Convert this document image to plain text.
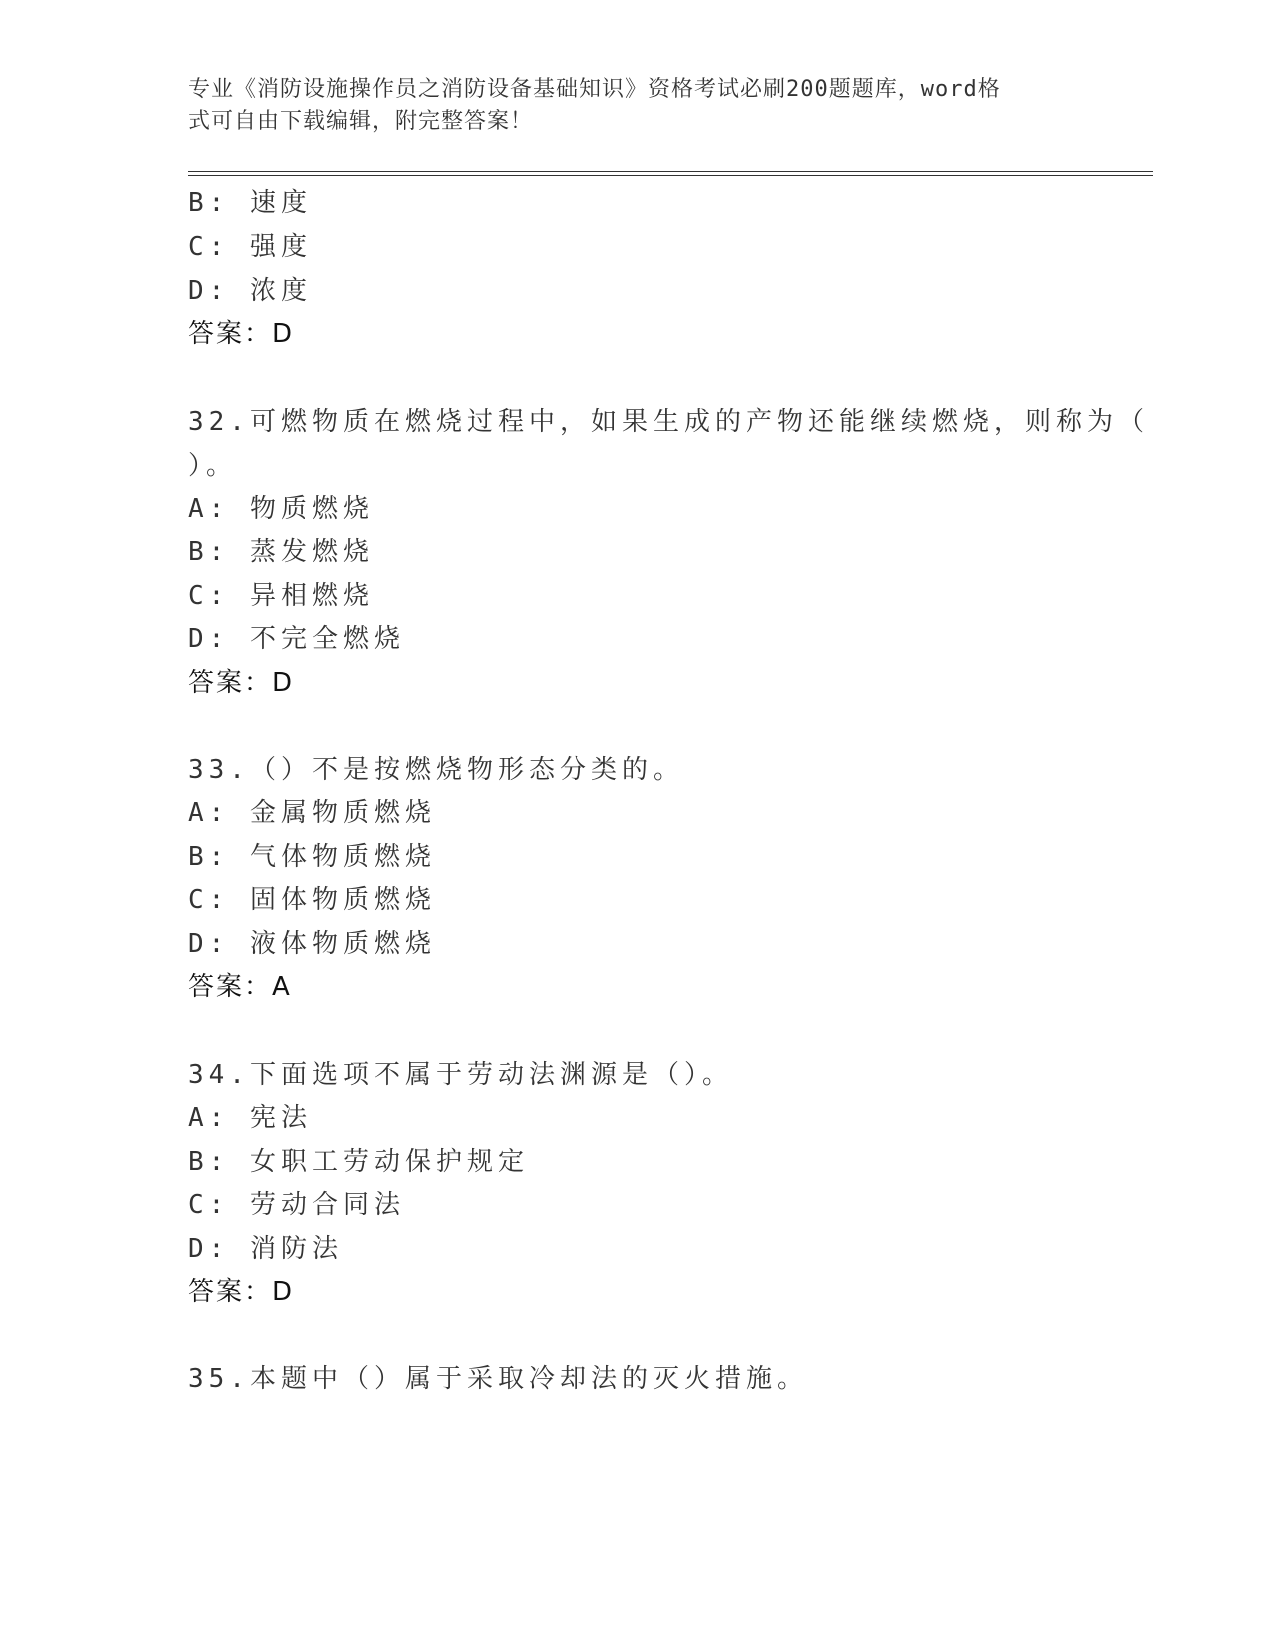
专业《消防设施操作员之消防设备基础知识》资格考试必刷200题题库，word格
式可自由下载编辑，附完整答案！
B: 速度
C: 强度
D: 浓度
答案：D
32.可燃物质在燃烧过程中，如果生成的产物还能继续燃烧，则称为（
）。
A: 物质燃烧
B: 蒸发燃烧
C: 异相燃烧
D: 不完全燃烧
答案：D
33.（）不是按燃烧物形态分类的。
A: 金属物质燃烧
B: 气体物质燃烧
C: 固体物质燃烧
D: 液体物质燃烧
答案：A
34.下面选项不属于劳动法渊源是（）。
A: 宪法
B: 女职工劳动保护规定
C: 劳动合同法
D: 消防法
答案：D
35.本题中（）属于采取冷却法的灭火措施。
